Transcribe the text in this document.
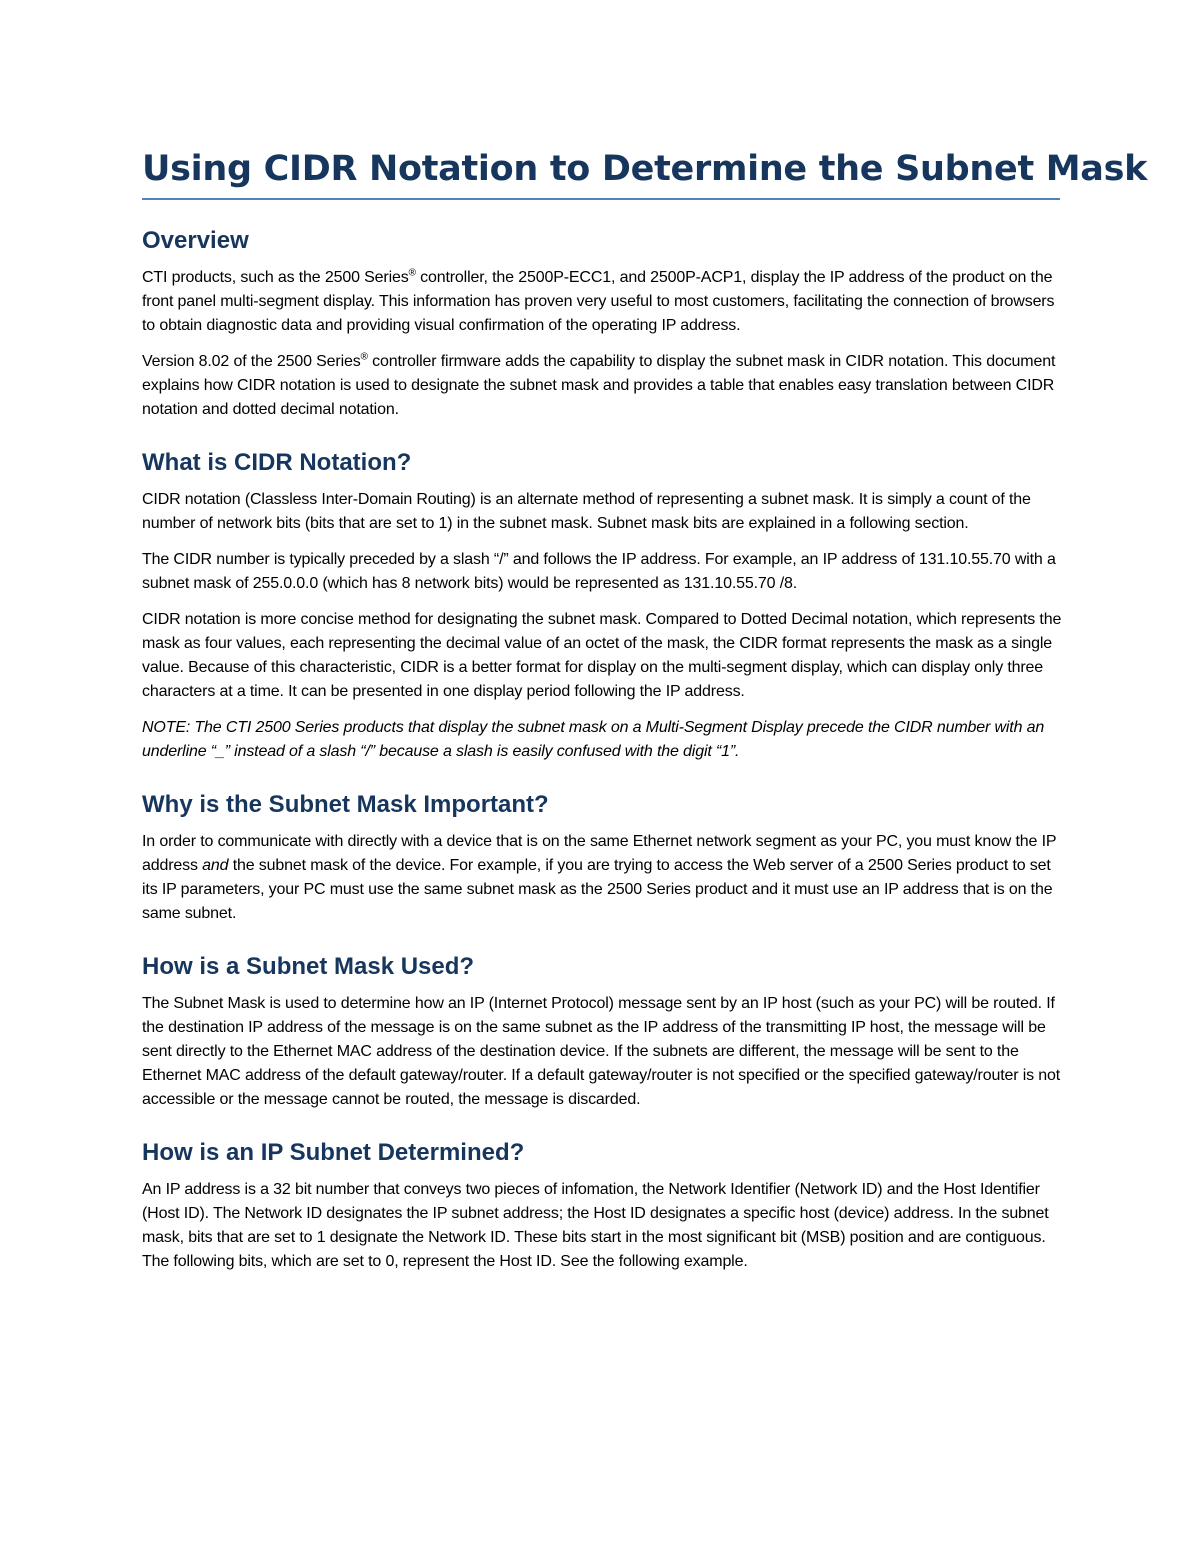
Using CIDR Notation to Determine the Subnet Mask
Overview

CTI products, such as the 2500 Series® controller, the 2500P-ECC1, and 2500P-ACP1, display the IP address of the product on the front panel multi-segment display. This information has proven very useful to most customers, facilitating the connection of browsers to obtain diagnostic data and providing visual confirmation of the operating IP address.

Version 8.02 of the 2500 Series® controller firmware adds the capability to display the subnet mask in CIDR notation. This document explains how CIDR notation is used to designate the subnet mask and provides a table that enables easy translation between CIDR notation and dotted decimal notation.

What is CIDR Notation?

CIDR notation (Classless Inter-Domain Routing) is an alternate method of representing a subnet mask. It is simply a count of the number of network bits (bits that are set to 1) in the subnet mask. Subnet mask bits are explained in a following section.

The CIDR number is typically preceded by a slash “/” and follows the IP address. For example, an IP address of 131.10.55.70 with a subnet mask of 255.0.0.0 (which has 8 network bits) would be represented as 131.10.55.70 /8.

CIDR notation is more concise method for designating the subnet mask. Compared to Dotted Decimal notation, which represents the mask as four values, each representing the decimal value of an octet of the mask, the CIDR format represents the mask as a single value. Because of this characteristic, CIDR is a better format for display on the multi-segment display, which can display only three characters at a time. It can be presented in one display period following the IP address.

NOTE: The CTI 2500 Series products that display the subnet mask on a Multi-Segment Display precede the CIDR number with an underline “_” instead of a slash “/” because a slash is easily confused with the digit “1”.

Why is the Subnet Mask Important?

In order to communicate with directly with a device that is on the same Ethernet network segment as your PC, you must know the IP address and the subnet mask of the device. For example, if you are trying to access the Web server of a 2500 Series product to set its IP parameters, your PC must use the same subnet mask as the 2500 Series product and it must use an IP address that is on the same subnet.

How is a Subnet Mask Used?

The Subnet Mask is used to determine how an IP (Internet Protocol) message sent by an IP host (such as your PC) will be routed. If the destination IP address of the message is on the same subnet as the IP address of the transmitting IP host, the message will be sent directly to the Ethernet MAC address of the destination device. If the subnets are different, the message will be sent to the Ethernet MAC address of the default gateway/router. If a default gateway/router is not specified or the specified gateway/router is not accessible or the message cannot be routed, the message is discarded.

How is an IP Subnet Determined?

An IP address is a 32 bit number that conveys two pieces of infomation, the Network Identifier (Network ID) and the Host Identifier (Host ID). The Network ID designates the IP subnet address; the Host ID designates a specific host (device) address. In the subnet mask, bits that are set to 1 designate the Network ID. These bits start in the most significant bit (MSB) position and are contiguous. The following bits, which are set to 0, represent the Host ID. See the following example.
